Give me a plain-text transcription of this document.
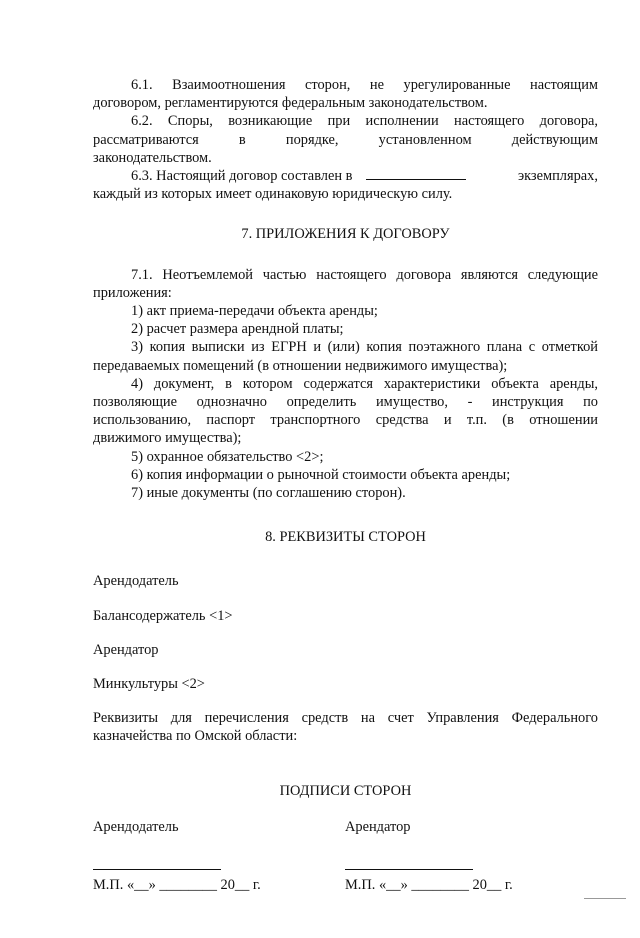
6.1. Взаимоотношения сторон, не урегулированные настоящим
договором, регламентируются федеральным законодательством.
6.2. Споры, возникающие при исполнении настоящего договора,
рассматриваются в порядке, установленном действующим
законодательством.
6.3. Настоящий договор составлен в	экземплярах,
каждый из которых имеет одинаковую юридическую силу.
7. ПРИЛОЖЕНИЯ К ДОГОВОРУ
7.1. Неотъемлемой частью настоящего договора являются следующие
приложения:
1) акт приема-передачи объекта аренды;
2) расчет размера арендной платы;
3) копия выписки из ЕГРН и (или) копия поэтажного плана с отметкой
передаваемых помещений (в отношении недвижимого имущества);
4) документ, в котором содержатся характеристики объекта аренды,
позволяющие однозначно определить имущество, - инструкция по
использованию, паспорт транспортного средства и т.п. (в отношении
движимого имущества);
5) охранное обязательство <2>;
6) копия информации о рыночной стоимости объекта аренды;
7) иные документы (по соглашению сторон).
8. РЕКВИЗИТЫ СТОРОН
Арендодатель
Балансодержатель <1>
Арендатор
Минкультуры <2>
Реквизиты для перечисления средств на счет Управления Федерального
казначейства по Омской области:
ПОДПИСИ СТОРОН
Арендодатель
М.П. «__» ________ 20__ г.
Арендатор
М.П. «__» ________ 20__ г.
